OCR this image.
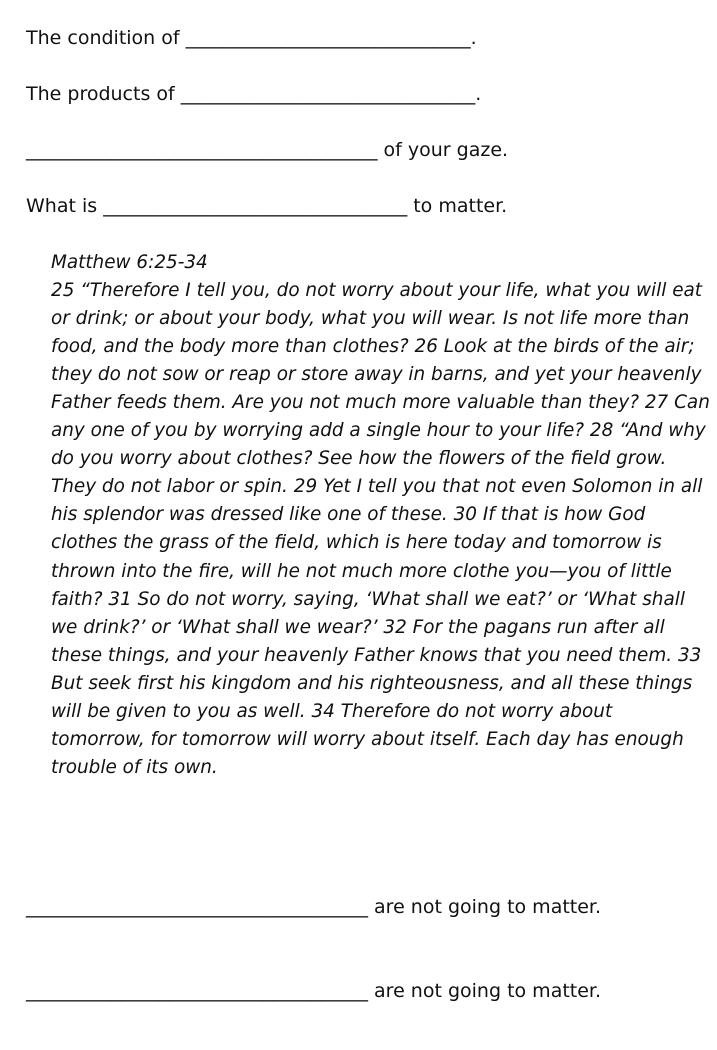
The condition of ______________________________.
The products of _______________________________.
_____________________________________ of your gaze.
What is ________________________________ to matter.
Matthew 6:25-34
25 “Therefore I tell you, do not worry about your life, what you will eat or drink; or about your body, what you will wear. Is not life more than food, and the body more than clothes? 26 Look at the birds of the air; they do not sow or reap or store away in barns, and yet your heavenly Father feeds them. Are you not much more valuable than they? 27 Can any one of you by worrying add a single hour to your life? 28 “And why do you worry about clothes? See how the flowers of the field grow. They do not labor or spin. 29 Yet I tell you that not even Solomon in all his splendor was dressed like one of these. 30 If that is how God clothes the grass of the field, which is here today and tomorrow is thrown into the fire, will he not much more clothe you—you of little faith? 31 So do not worry, saying, ‘What shall we eat?’ or ‘What shall we drink?’ or ‘What shall we wear?’ 32 For the pagans run after all these things, and your heavenly Father knows that you need them. 33 But seek first his kingdom and his righteousness, and all these things will be given to you as well. 34 Therefore do not worry about tomorrow, for tomorrow will worry about itself. Each day has enough trouble of its own.
____________________________________ are not going to matter.
____________________________________ are not going to matter.
